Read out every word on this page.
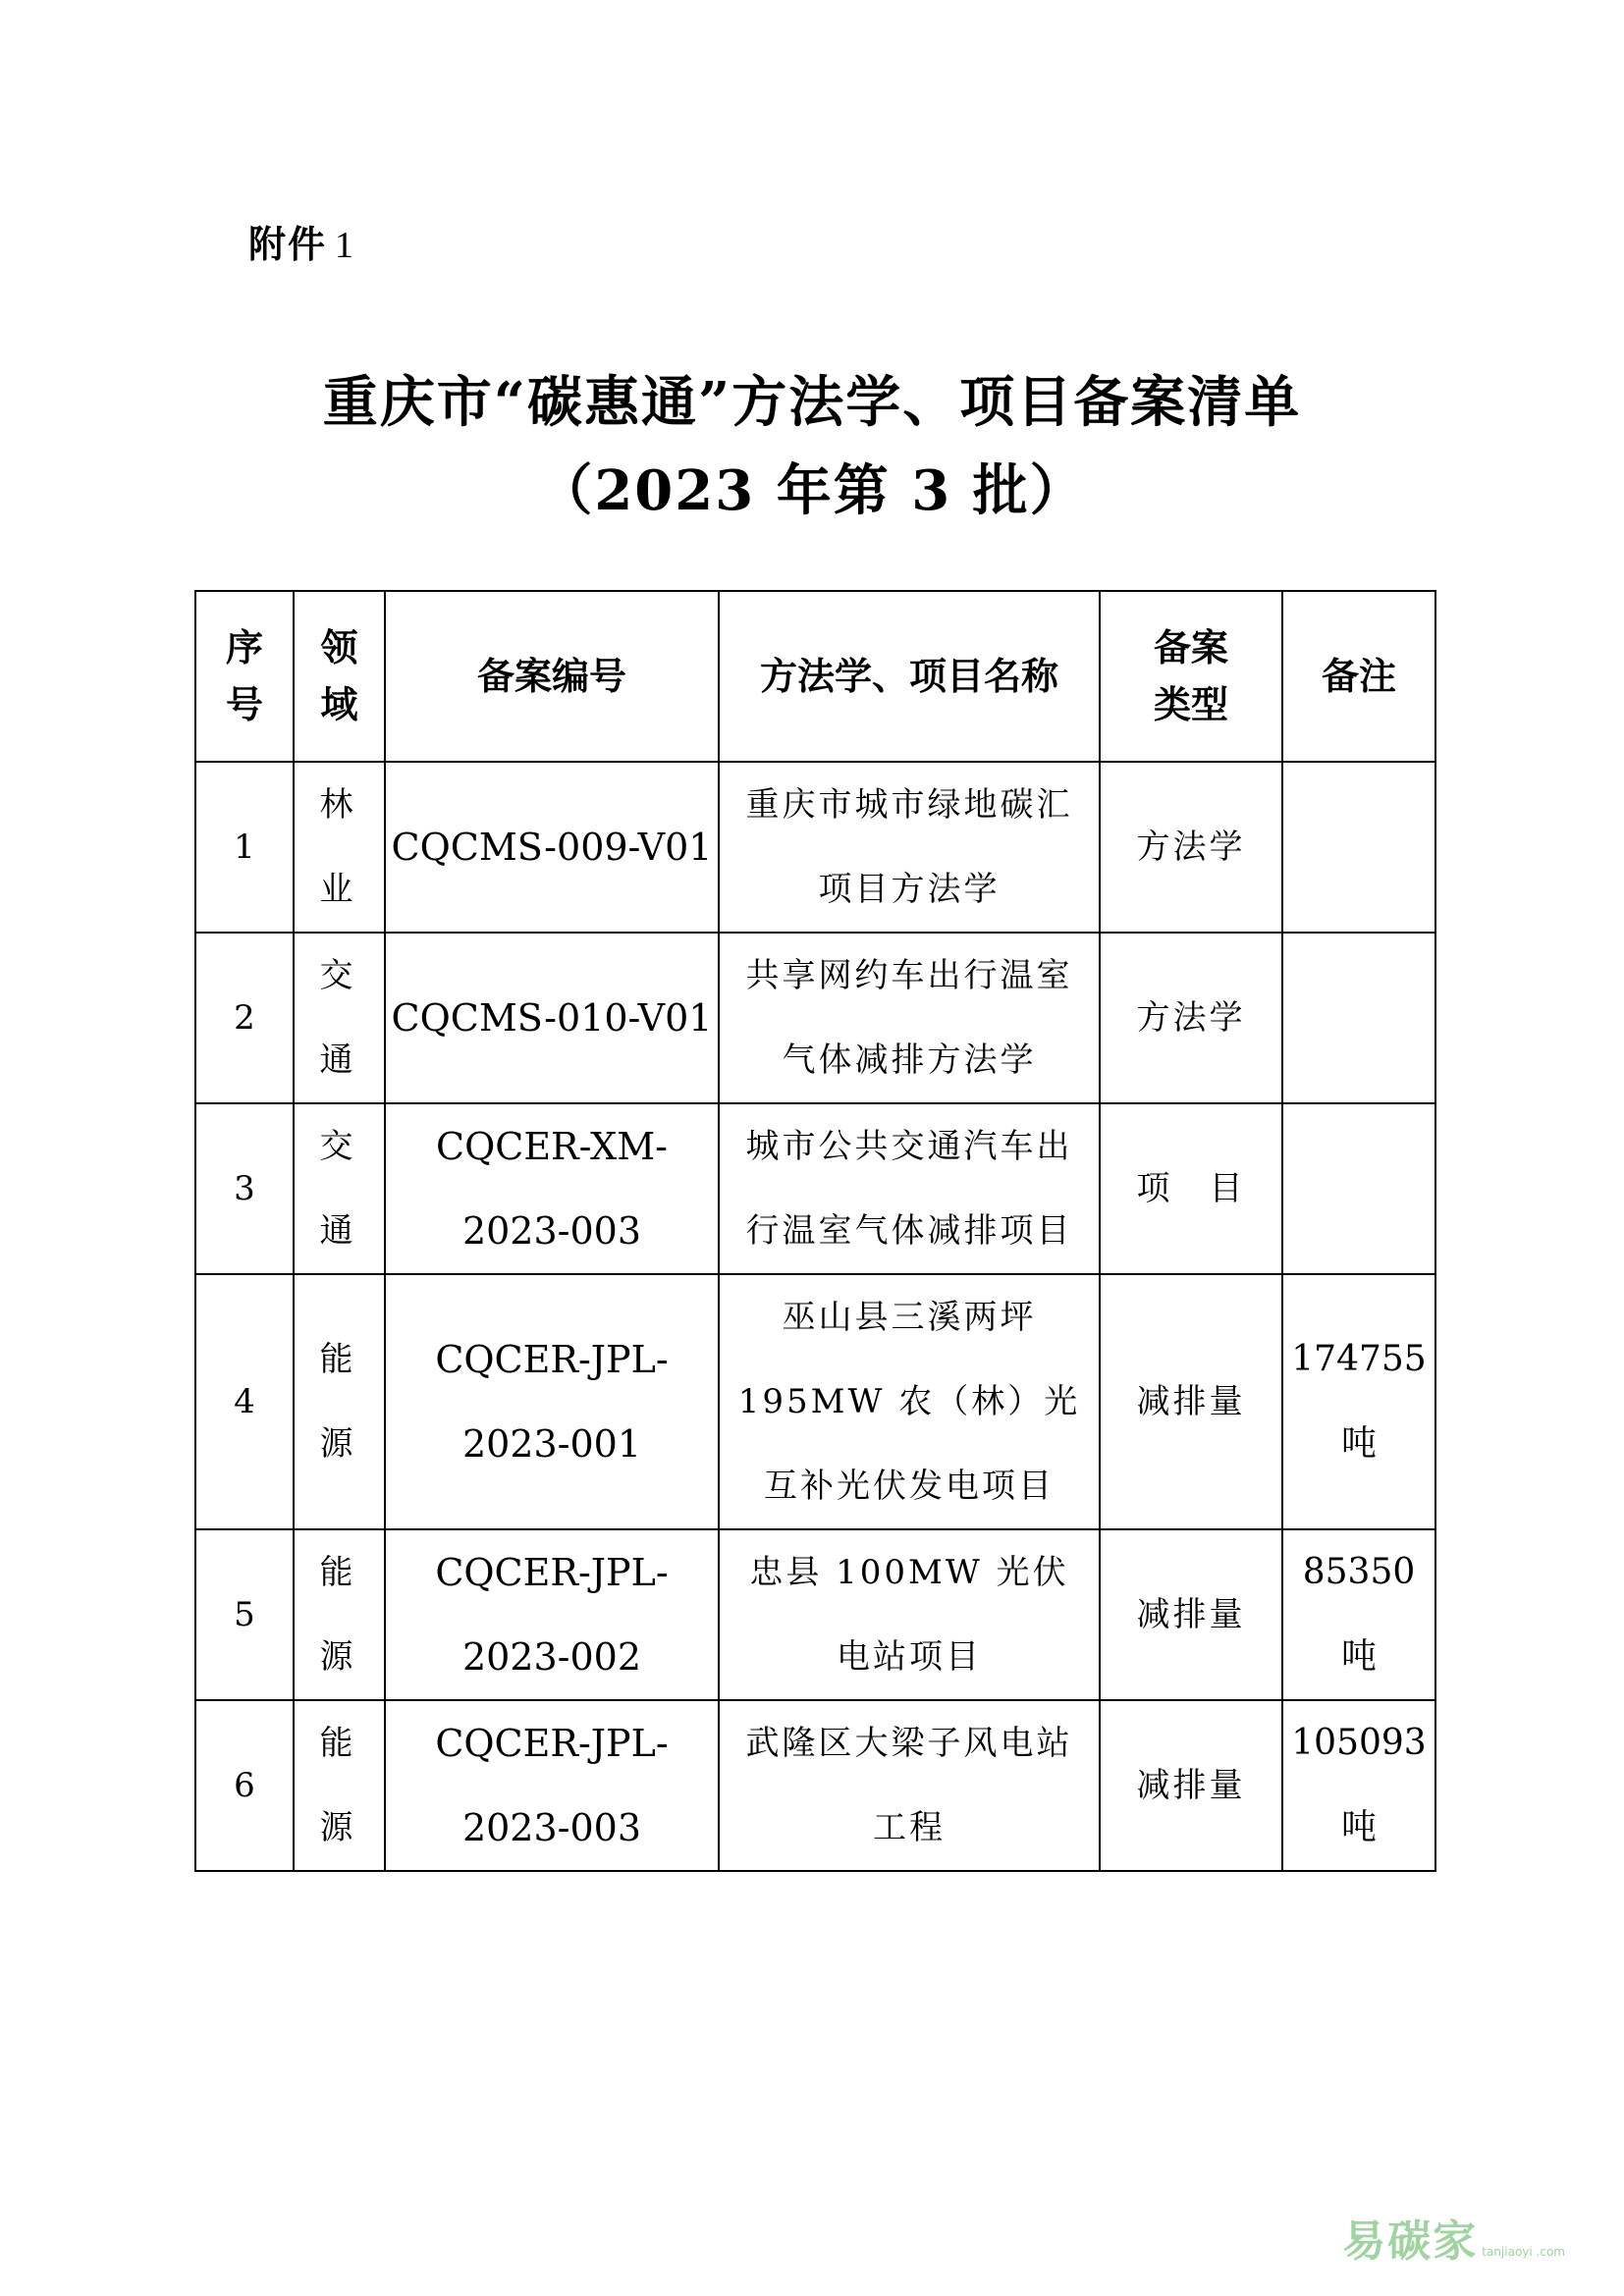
附件 1
重庆市“碳惠通”方法学、项目备案清单
（2023 年第 3 批）
序号	领域	备案编号	方法学、项目名称	备案类型	备注
1	林业	CQCMS-009-V01	重庆市城市绿地碳汇项目方法学	方法学	

2	交通	CQCMS-010-V01	共享网约车出行温室气体减排方法学	方法学	

3	交通	CQCER-XM-2023-003	城市公共交通汽车出行温室气体减排项目	项　目	

4	能源	CQCER-JPL-2023-001	巫山县三溪两坪195MW 农（林）光互补光伏发电项目	减排量	174755吨

5	能源	CQCER-JPL-2023-002	忠县 100MW 光伏电站项目	减排量	85350吨

6	能源	CQCER-JPL-2023-003	武隆区大梁子风电站工程	减排量	105093吨
易碳家 tanjiaoyi .com
